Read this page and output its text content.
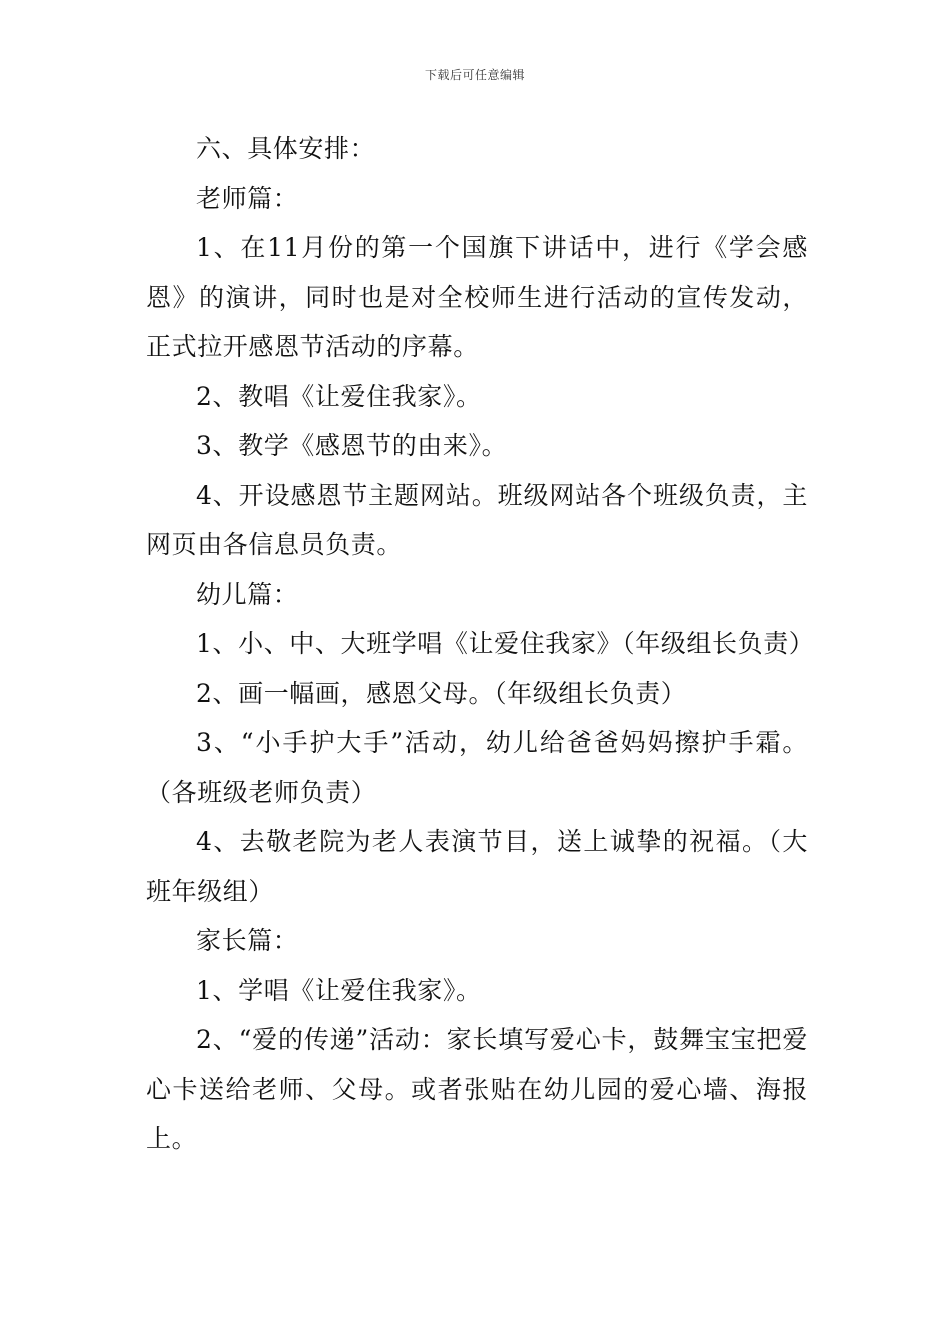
下载后可任意编辑

六、具体安排：

老师篇：

1、在11月份的第一个国旗下讲话中，进行《学会感恩》的演讲，同时也是对全校师生进行活动的宣传发动，正式拉开感恩节活动的序幕。

2、教唱《让爱住我家》。

3、教学《感恩节的由来》。

4、开设感恩节主题网站。班级网站各个班级负责，主网页由各信息员负责。

幼儿篇：

1、小、中、大班学唱《让爱住我家》（年级组长负责）

2、画一幅画，感恩父母。（年级组长负责）

3、“小手护大手”活动，幼儿给爸爸妈妈擦护手霜。（各班级老师负责）

4、去敬老院为老人表演节目，送上诚挚的祝福。（大班年级组）

家长篇：

1、学唱《让爱住我家》。

2、“爱的传递”活动：家长填写爱心卡，鼓舞宝宝把爱心卡送给老师、父母。或者张贴在幼儿园的爱心墙、海报上。
